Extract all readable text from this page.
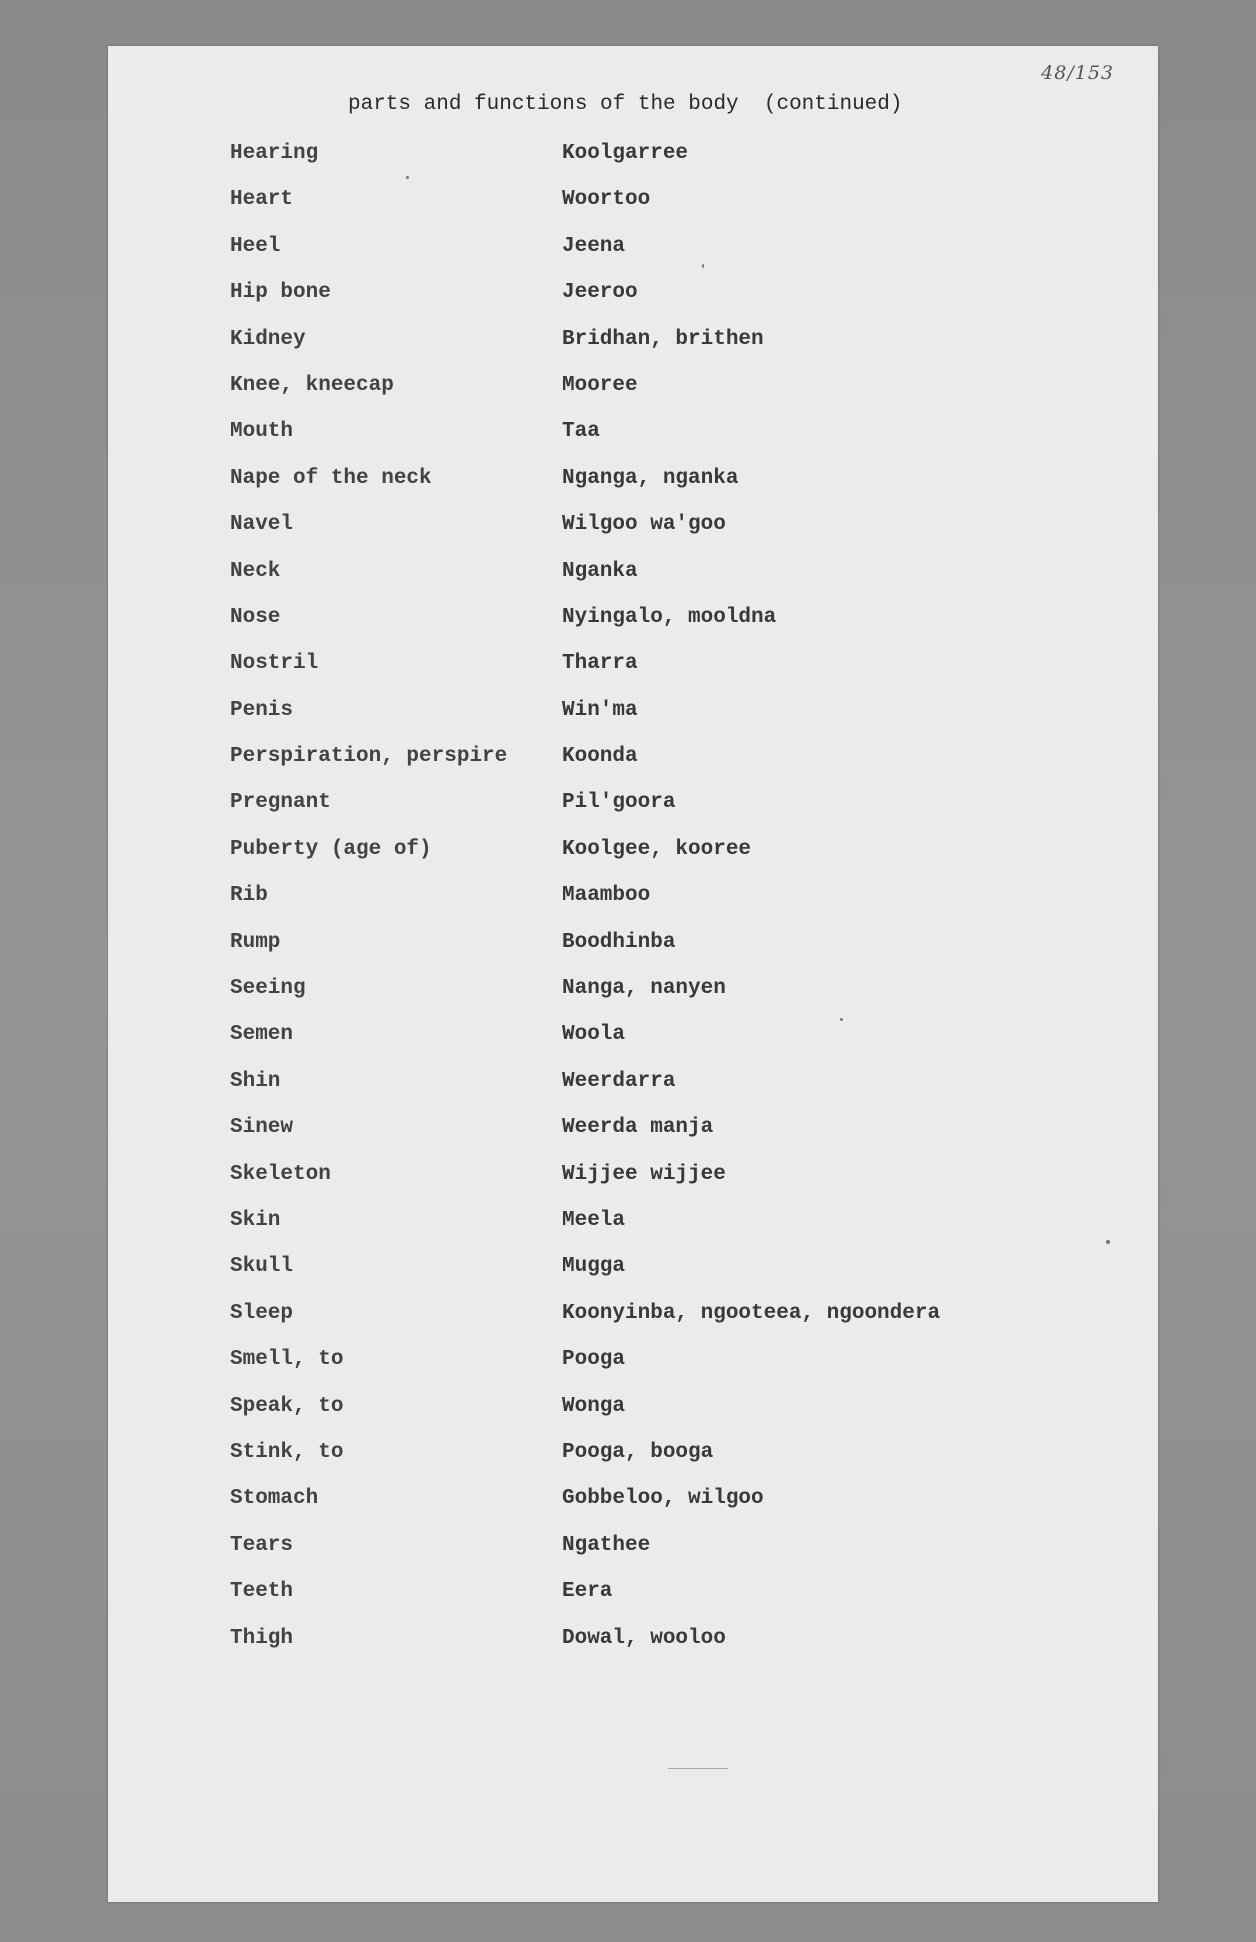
48/153
parts and functions of the body  (continued)
Hearing	Koolgarree
Heart	Woortoo
Heel	Jeena
Hip bone	Jeeroo
Kidney	Bridhan, brithen
Knee, kneecap	Mooree
Mouth	Taa
Nape of the neck	Nganga, nganka
Navel	Wilgoo wa'goo
Neck	Nganka
Nose	Nyingalo, mooldna
Nostril	Tharra
Penis	Win'ma
Perspiration, perspire	Koonda
Pregnant	Pil'goora
Puberty (age of)	Koolgee, kooree
Rib	Maamboo
Rump	Boodhinba
Seeing	Nanga, nanyen
Semen	Woola
Shin	Weerdarra
Sinew	Weerda manja
Skeleton	Wijjee wijjee
Skin	Meela
Skull	Mugga
Sleep	Koonyinba, ngooteea, ngoondera
Smell, to	Pooga
Speak, to	Wonga
Stink, to	Pooga, booga
Stomach	Gobbeloo, wilgoo
Tears	Ngathee
Teeth	Eera
Thigh	Dowal, wooloo
